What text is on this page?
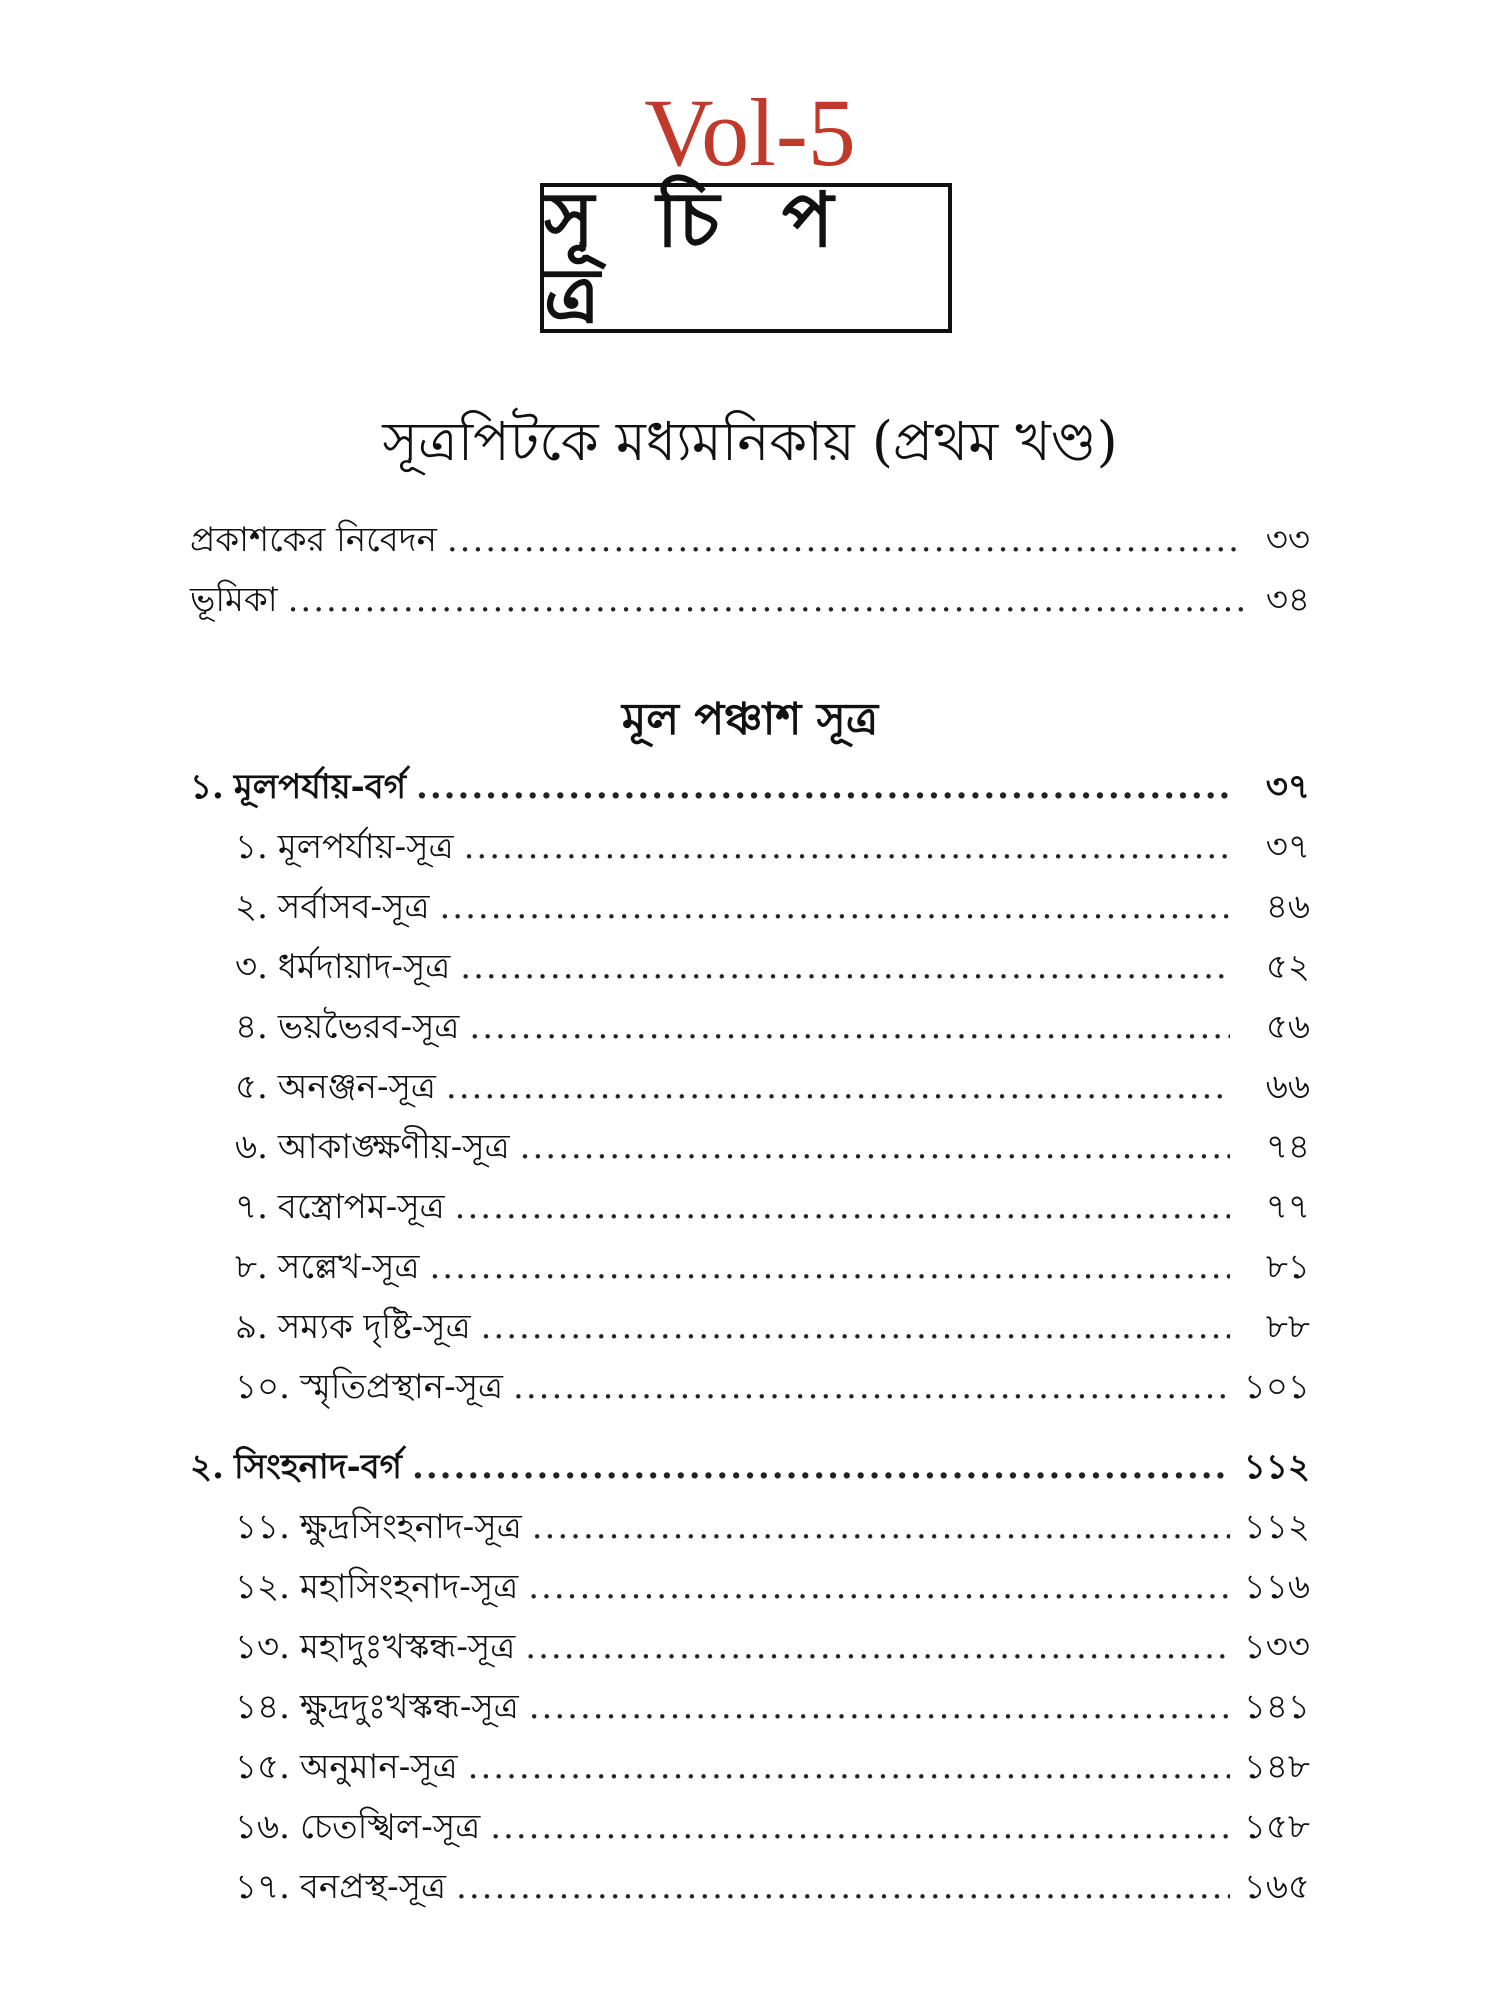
Vol-5
সূ চি প ত্র
সূত্রপিটকে মধ্যমনিকায় (প্রথম খণ্ড)
প্রকাশকের নিবেদন .....	৩৩
ভূমিকা .....	৩৪
মূল পঞ্চাশ সূত্র
১. মূলপর্যায়-বর্গ .....	৩৭
১. মূলপর্যায়-সূত্র .....	৩৭
২. সর্বাসব-সূত্র .....	৪৬
৩. ধর্মদায়াদ-সূত্র .....	৫২
৪. ভয়ভৈরব-সূত্র .....	৫৬
৫. অনঞ্জন-সূত্র .....	৬৬
৬. আকাঙ্ক্ষণীয়-সূত্র .....	৭৪
৭. বস্ত্রোপম-সূত্র .....	৭৭
৮. সল্লেখ-সূত্র .....	৮১
৯. সম্যক দৃষ্টি-সূত্র .....	৮৮
১০. স্মৃতিপ্রস্থান-সূত্র .....	১০১
২. সিংহনাদ-বর্গ .....	১১২
১১. ক্ষুদ্রসিংহনাদ-সূত্র .....	১১২
১২. মহাসিংহনাদ-সূত্র .....	১১৬
১৩. মহাদুঃখস্কন্ধ-সূত্র .....	১৩৩
১৪. ক্ষুদ্রদুঃখস্কন্ধ-সূত্র .....	১৪১
১৫. অনুমান-সূত্র .....	১৪৮
১৬. চেতস্খিল-সূত্র .....	১৫৮
১৭. বনপ্রস্থ-সূত্র .....	১৬৫
